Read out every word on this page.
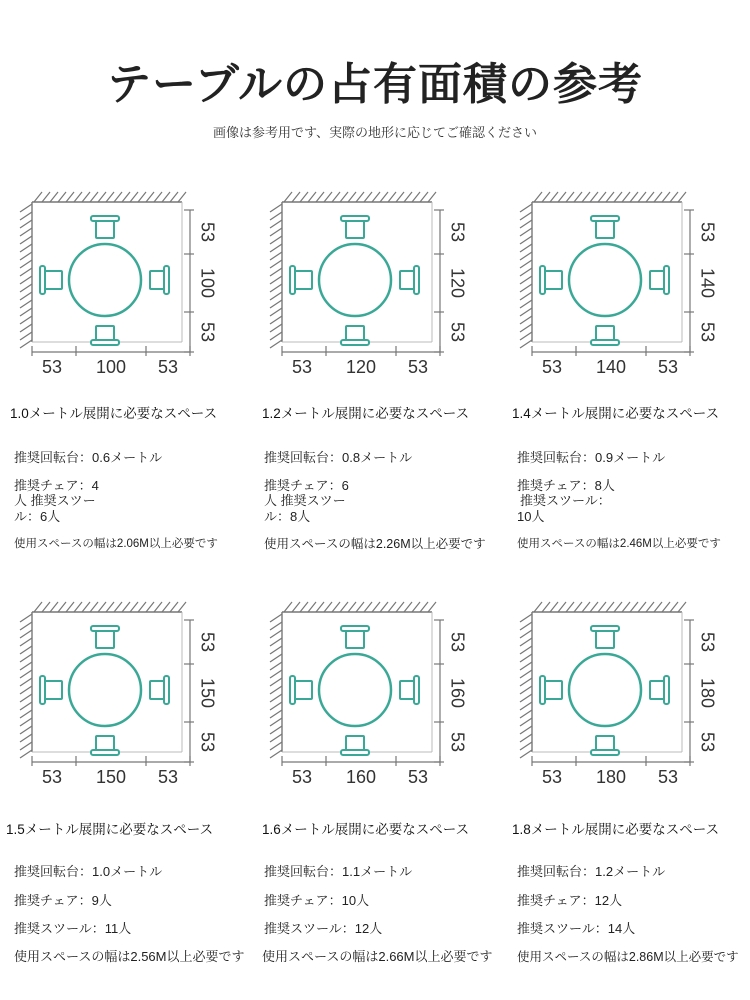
テーブルの占有面積の参考
画像は参考用です、実際の地形に応じてご確認ください
53
100
53
53 100 53
1.0メートル展開に必要なスペース
推奨回転台：0.6メートル
推奨チェア：4
人 推奨スツー
ル：6人
使用スペースの幅は2.06M以上必要です
53
120
53
53 120 53
1.2メートル展開に必要なスペース
推奨回転台：0.8メートル
推奨チェア：6
人 推奨スツー
ル：8人
使用スペースの幅は2.26M以上必要です
53
140
53
53 140 53
1.4メートル展開に必要なスペース
推奨回転台：0.9メートル
推奨チェア：8人
推奨スツール：
10人
使用スペースの幅は2.46M以上必要です
53
150
53
53 150 53
1.5メートル展開に必要なスペース
推奨回転台：1.0メートル
推奨チェア：9人
推奨スツール：11人
使用スペースの幅は2.56M以上必要です
53
160
53
53 160 53
1.6メートル展開に必要なスペース
推奨回転台：1.1メートル
推奨チェア：10人
推奨スツール：12人
使用スペースの幅は2.66M以上必要です
53
180
53
53 180 53
1.8メートル展開に必要なスペース
推奨回転台：1.2メートル
推奨チェア：12人
推奨スツール：14人
使用スペースの幅は2.86M以上必要です
